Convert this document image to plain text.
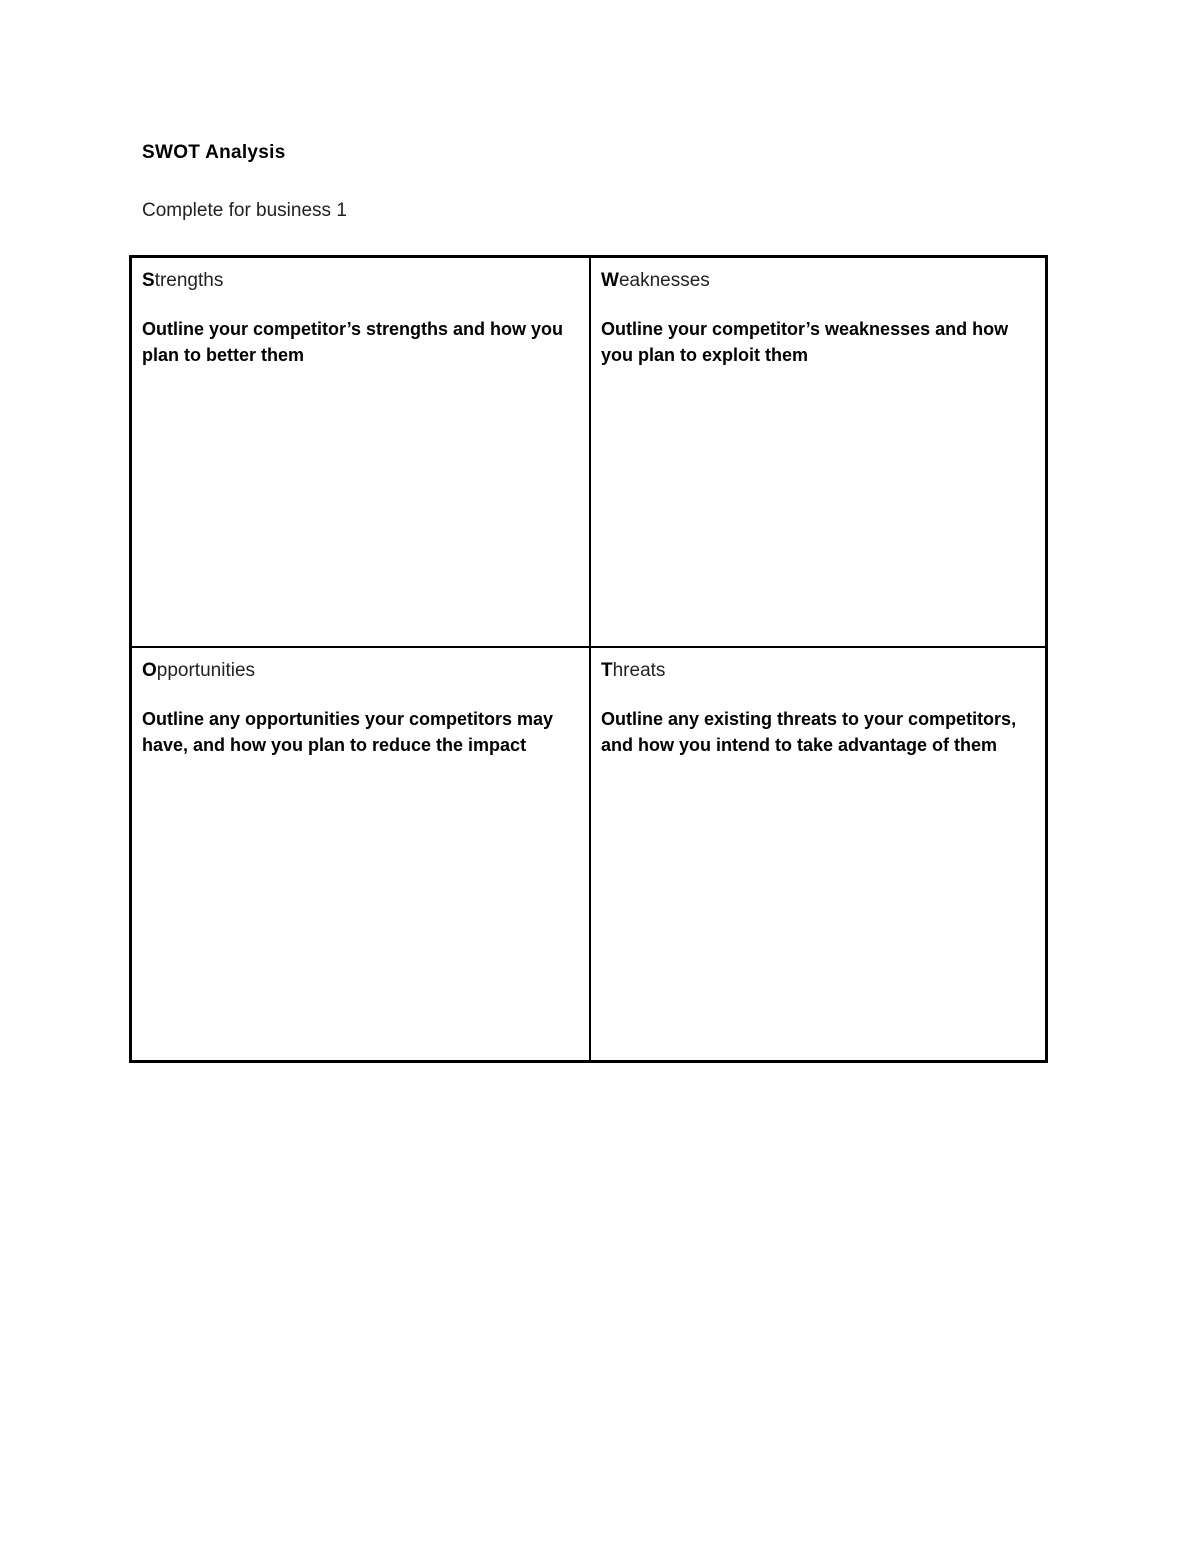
SWOT Analysis
Complete for business 1

Strengths

Outline your competitor’s strengths and how you plan to better them

Weaknesses

Outline your competitor’s weaknesses and how you plan to exploit them

Opportunities

Outline any opportunities your competitors may have, and how you plan to reduce the impact

Threats

Outline any existing threats to your competitors, and how you intend to take advantage of them
